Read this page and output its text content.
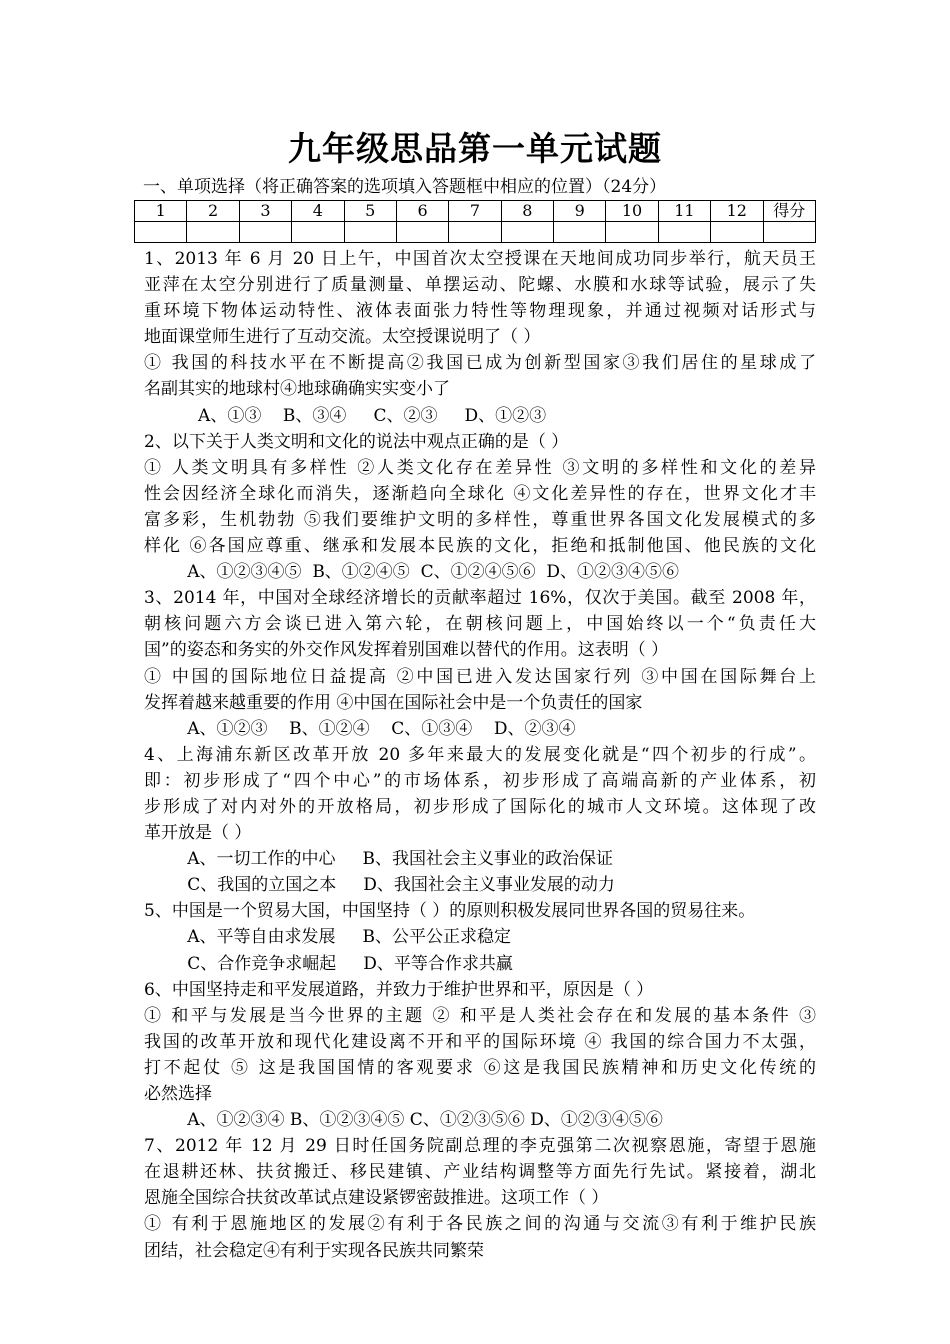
九年级思品第一单元试题
一、单项选择（将正确答案的选项填入答题框中相应的位置）（24分）
1	2	3	4	5	6	7	8	9	10	11	12	得分

1、2013 年 6 月 20 日上午，中国首次太空授课在天地间成功同步举行，航天员王
亚萍在太空分别进行了质量测量、单摆运动、陀螺、水膜和水球等试验，展示了失
重环境下物体运动特性、液体表面张力特性等物理现象，并通过视频对话形式与
地面课堂师生进行了互动交流。太空授课说明了（ ）
① 我国的科技水平在不断提高②我国已成为创新型国家③我们居住的星球成了
名副其实的地球村④地球确确实实变小了
A、①③    B、③④     C、②③     D、①②③
2、以下关于人类文明和文化的说法中观点正确的是（ ）
① 人类文明具有多样性 ②人类文化存在差异性 ③文明的多样性和文化的差异
性会因经济全球化而消失，逐渐趋向全球化 ④文化差异性的存在，世界文化才丰
富多彩，生机勃勃 ⑤我们要维护文明的多样性，尊重世界各国文化发展模式的多
样化 ⑥各国应尊重、继承和发展本民族的文化，拒绝和抵制他国、他民族的文化
A、①②③④⑤  B、①②④⑤  C、①②④⑤⑥  D、①②③④⑤⑥
3、2014 年，中国对全球经济增长的贡献率超过 16%，仅次于美国。截至 2008 年，
朝核问题六方会谈已进入第六轮，在朝核问题上，中国始终以一个“负责任大
国”的姿态和务实的外交作风发挥着别国难以替代的作用。这表明（ ）
① 中国的国际地位日益提高 ②中国已进入发达国家行列 ③中国在国际舞台上
发挥着越来越重要的作用 ④中国在国际社会中是一个负责任的国家
A、①②③    B、①②④    C、①③④    D、②③④
4、上海浦东新区改革开放 20 多年来最大的发展变化就是“四个初步的行成”。
即：初步形成了“四个中心”的市场体系，初步形成了高端高新的产业体系，初
步形成了对内对外的开放格局，初步形成了国际化的城市人文环境。这体现了改
革开放是（ ）
A、一切工作的中心     B、我国社会主义事业的政治保证
C、我国的立国之本     D、我国社会主义事业发展的动力
5、中国是一个贸易大国，中国坚持（ ）的原则积极发展同世界各国的贸易往来。
A、平等自由求发展     B、公平公正求稳定
C、合作竞争求崛起     D、平等合作求共赢
6、中国坚持走和平发展道路，并致力于维护世界和平，原因是（ ）
① 和平与发展是当今世界的主题 ② 和平是人类社会存在和发展的基本条件 ③
我国的改革开放和现代化建设离不开和平的国际环境 ④ 我国的综合国力不太强，
打不起仗 ⑤ 这是我国国情的客观要求 ⑥这是我国民族精神和历史文化传统的
必然选择
A、①②③④ B、①②③④⑤ C、①②③⑤⑥ D、①②③④⑤⑥
7、2012 年 12 月 29 日时任国务院副总理的李克强第二次视察恩施，寄望于恩施
在退耕还林、扶贫搬迁、移民建镇、产业结构调整等方面先行先试。紧接着，湖北
恩施全国综合扶贫改革试点建设紧锣密鼓推进。这项工作（ ）
① 有利于恩施地区的发展②有利于各民族之间的沟通与交流③有利于维护民族
团结，社会稳定④有利于实现各民族共同繁荣
